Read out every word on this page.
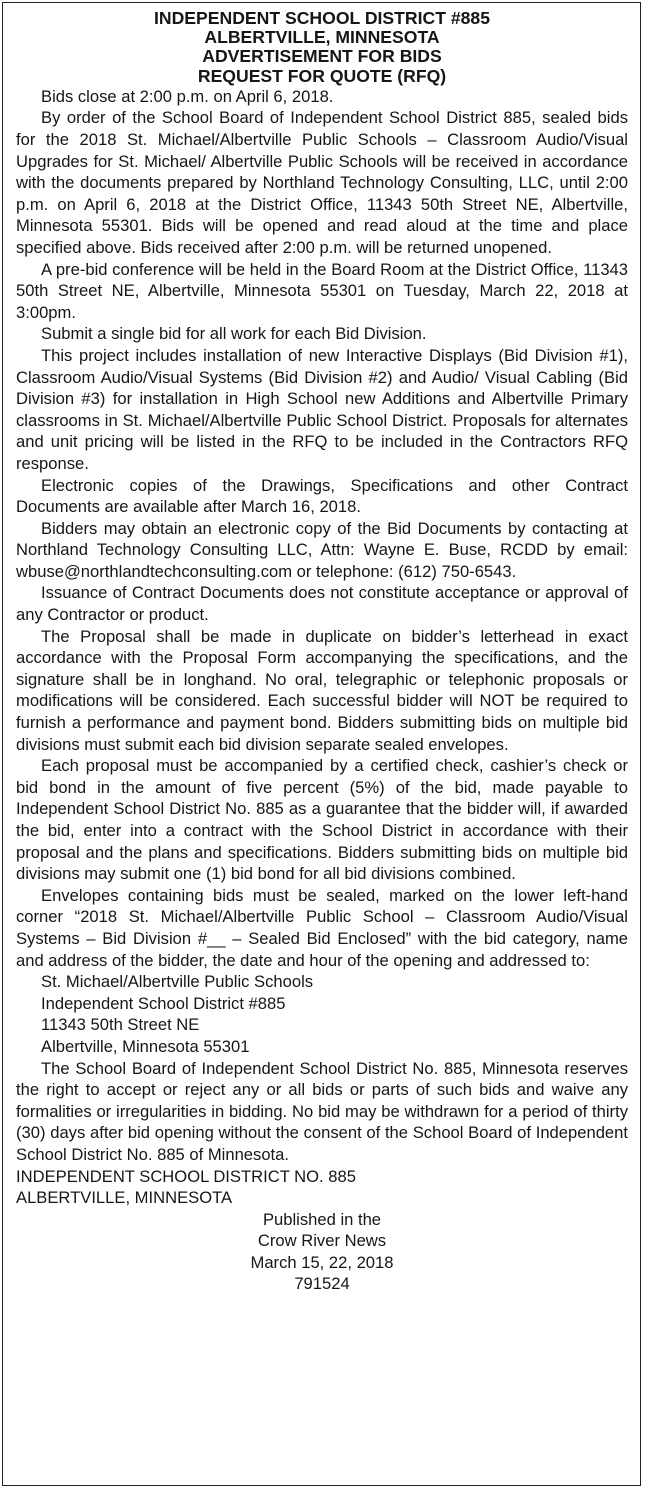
INDEPENDENT SCHOOL DISTRICT #885
ALBERTVILLE, MINNESOTA
ADVERTISEMENT FOR BIDS
REQUEST FOR QUOTE (RFQ)

Bids close at 2:00 p.m. on April 6, 2018.

By order of the School Board of Independent School District 885, sealed bids for the 2018 St. Michael/Albertville Public Schools – Classroom Audio/Visual Upgrades for St. Michael/ Albertville Public Schools will be received in accordance with the documents prepared by Northland Technology Consulting, LLC, until 2:00 p.m. on April 6, 2018 at the District Office, 11343 50th Street NE, Albertville, Minnesota 55301. Bids will be opened and read aloud at the time and place specified above. Bids received after 2:00 p.m. will be returned unopened.

A pre-bid conference will be held in the Board Room at the District Office, 11343 50th Street NE, Albertville, Minnesota 55301 on Tuesday, March 22, 2018 at 3:00pm.

Submit a single bid for all work for each Bid Division.

This project includes installation of new Interactive Displays (Bid Division #1), Classroom Audio/Visual Systems (Bid Division #2) and Audio/ Visual Cabling (Bid Division #3) for installation in High School new Additions and Albertville Primary classrooms in St. Michael/Albertville Public School District. Proposals for alternates and unit pricing will be listed in the RFQ to be included in the Contractors RFQ response.

Electronic copies of the Drawings, Specifications and other Contract Documents are available after March 16, 2018.

Bidders may obtain an electronic copy of the Bid Documents by contacting at Northland Technology Consulting LLC, Attn: Wayne E. Buse, RCDD by email: wbuse@northlandtechconsulting.com or telephone: (612) 750-6543.

Issuance of Contract Documents does not constitute acceptance or approval of any Contractor or product.

The Proposal shall be made in duplicate on bidder’s letterhead in exact accordance with the Proposal Form accompanying the specifications, and the signature shall be in longhand. No oral, telegraphic or telephonic proposals or modifications will be considered. Each successful bidder will NOT be required to furnish a performance and payment bond. Bidders submitting bids on multiple bid divisions must submit each bid division separate sealed envelopes.

Each proposal must be accompanied by a certified check, cashier’s check or bid bond in the amount of five percent (5%) of the bid, made payable to Independent School District No. 885 as a guarantee that the bidder will, if awarded the bid, enter into a contract with the School District in accordance with their proposal and the plans and specifications. Bidders submitting bids on multiple bid divisions may submit one (1) bid bond for all bid divisions combined.

Envelopes containing bids must be sealed, marked on the lower left-hand corner “2018 St. Michael/Albertville Public School – Classroom Audio/Visual Systems – Bid Division #__ – Sealed Bid Enclosed” with the bid category, name and address of the bidder, the date and hour of the opening and addressed to:

St. Michael/Albertville Public Schools
Independent School District #885
11343 50th Street NE
Albertville, Minnesota 55301

The School Board of Independent School District No. 885, Minnesota reserves the right to accept or reject any or all bids or parts of such bids and waive any formalities or irregularities in bidding. No bid may be withdrawn for a period of thirty (30) days after bid opening without the consent of the School Board of Independent School District No. 885 of Minnesota.

INDEPENDENT SCHOOL DISTRICT NO. 885
ALBERTVILLE, MINNESOTA
Published in the
Crow River News
March 15, 22, 2018
791524
